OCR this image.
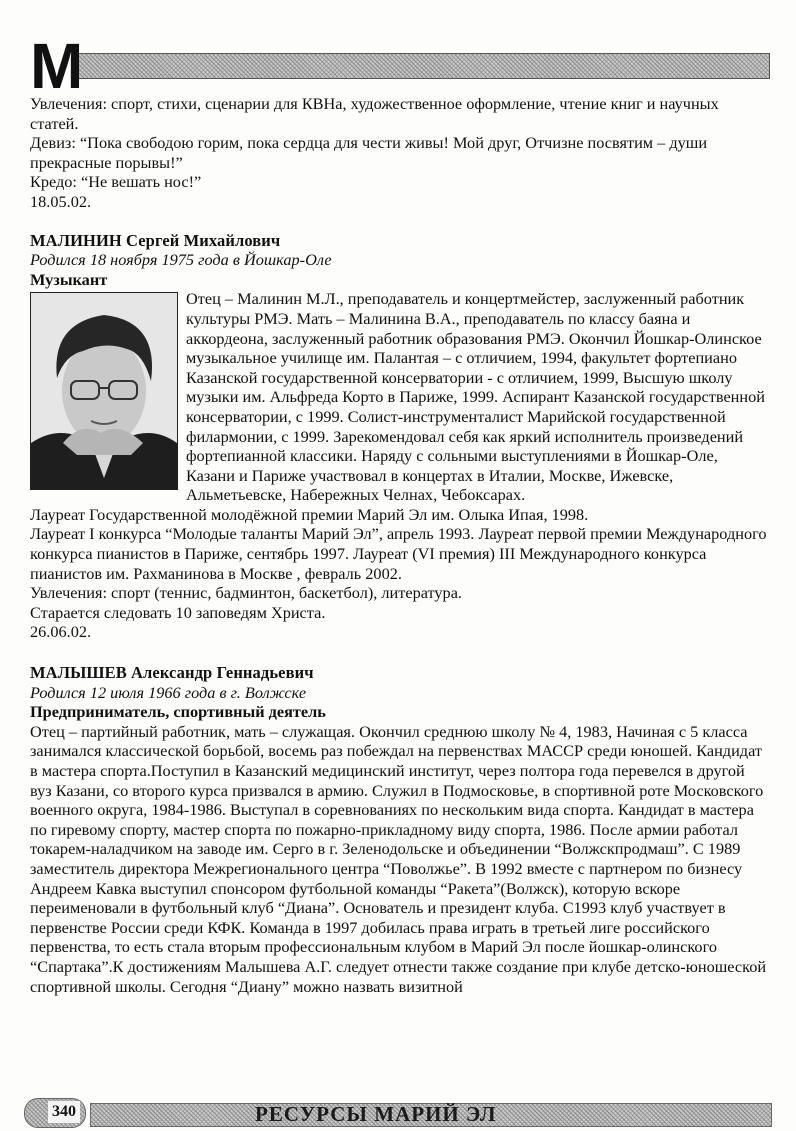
М

Увлечения: спорт, стихи, сценарии для КВНа, художественное оформление, чтение книг и научных статей.

Девиз: “Пока свободою горим, пока сердца для чести живы! Мой друг, Отчизне посвятим – души прекрасные порывы!”

Кредо: “Не вешать нос!”

18.05.02.

МАЛИНИН Сергей Михайлович

Родился 18 ноября 1975 года в Йошкар-Оле

Музыкант

Отец – Малинин М.Л., преподаватель и концертмейстер, заслуженный работник культуры РМЭ. Мать – Малинина В.А., преподаватель по классу баяна и аккордеона, заслуженный работник образования РМЭ. Окончил Йошкар-Олинское музыкальное училище им. Палантая – с отличием, 1994, факультет фортепиано Казанской государственной консерватории - с отличием, 1999, Высшую школу музыки им. Альфреда Корто в Париже, 1999. Аспирант Казанской государственной консерватории, с 1999. Солист-инструменталист Марийской государственной филармонии, с 1999. Зарекомендовал себя как яркий исполнитель произведений фортепианной классики. Наряду с сольными выступлениями в Йошкар-Оле, Казани и Париже участвовал в концертах в Италии, Москве, Ижевске, Альметьевске, Набережных Челнах, Чебоксарах.

Лауреат Государственной молодёжной премии Марий Эл им. Олыка Ипая, 1998.

Лауреат I конкурса “Молодые таланты Марий Эл”, апрель 1993. Лауреат первой премии Международного конкурса пианистов в Париже, сентябрь 1997. Лауреат (VI премия) III Международного конкурса пианистов им. Рахманинова в Москве , февраль 2002.

Увлечения: спорт (теннис, бадминтон, баскетбол), литература.

Старается следовать 10 заповедям Христа.

26.06.02.

МАЛЫШЕВ Александр Геннадьевич

Родился 12 июля 1966 года в г. Волжске

Предприниматель, спортивный деятель

Отец – партийный работник, мать – служащая. Окончил среднюю школу № 4, 1983, Начиная с 5 класса занимался классической борьбой, восемь раз побеждал на первенствах МАССР среди юношей. Кандидат в мастера спорта.Поступил в Казанский медицинский институт, через полтора года перевелся в другой вуз Казани, со второго курса призвался в армию. Служил в Подмосковье, в спортивной роте Московского военного округа, 1984-1986. Выступал в соревнованиях по нескольким вида спорта. Кандидат в мастера по гиревому спорту, мастер спорта по пожарно-прикладному виду спорта, 1986. После армии работал токарем-наладчиком на заводе им. Серго в г. Зеленодольске и объединении “Волжскпродмаш”. С 1989 заместитель директора Межрегионального центра “Поволжье”. В 1992 вместе с партнером по бизнесу Андреем Кавка выступил спонсором футбольной команды “Ракета”(Волжск), которую вскоре переименовали в футбольный клуб “Диана”. Основатель и президент клуба. С1993 клуб участвует в первенстве России среди КФК. Команда в 1997 добилась права играть в третьей лиге российского первенства, то есть стала вторым профессиональным клубом в Марий Эл после йошкар-олинского “Спартака”.К достижениям Малышева А.Г. следует отнести также создание при клубе детско-юношеской спортивной школы. Сегодня “Диану” можно назвать визитной

340	РЕСУРСЫ МАРИЙ ЭЛ
